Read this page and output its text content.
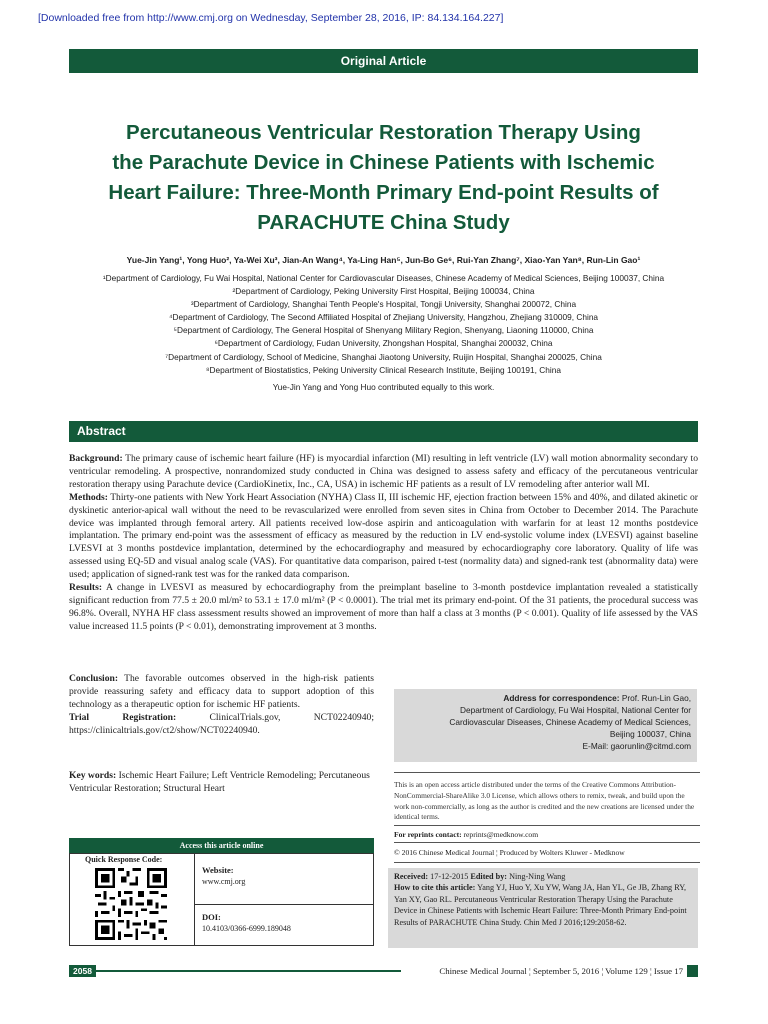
[Downloaded free from http://www.cmj.org on Wednesday, September 28, 2016, IP: 84.134.164.227]
Original Article
Percutaneous Ventricular Restoration Therapy Using
the Parachute Device in Chinese Patients with Ischemic
Heart Failure: Three-Month Primary End-point Results of
PARACHUTE China Study
Yue-Jin Yang¹, Yong Huo², Ya-Wei Xu³, Jian-An Wang⁴, Ya-Ling Han⁵, Jun-Bo Ge⁶, Rui-Yan Zhang⁷, Xiao-Yan Yan⁸, Run-Lin Gao¹
¹Department of Cardiology, Fu Wai Hospital, National Center for Cardiovascular Diseases, Chinese Academy of Medical Sciences, Beijing 100037, China
²Department of Cardiology, Peking University First Hospital, Beijing 100034, China
³Department of Cardiology, Shanghai Tenth People's Hospital, Tongji University, Shanghai 200072, China
⁴Department of Cardiology, The Second Affiliated Hospital of Zhejiang University, Hangzhou, Zhejiang 310009, China
⁵Department of Cardiology, The General Hospital of Shenyang Military Region, Shenyang, Liaoning 110000, China
⁶Department of Cardiology, Fudan University, Zhongshan Hospital, Shanghai 200032, China
⁷Department of Cardiology, School of Medicine, Shanghai Jiaotong University, Ruijin Hospital, Shanghai 200025, China
⁸Department of Biostatistics, Peking University Clinical Research Institute, Beijing 100191, China
Yue-Jin Yang and Yong Huo contributed equally to this work.
Abstract

Background: The primary cause of ischemic heart failure (HF) is myocardial infarction (MI) resulting in left ventricle (LV) wall motion abnormality secondary to ventricular remodeling. A prospective, nonrandomized study conducted in China was designed to assess safety and efficacy of the percutaneous ventricular restoration therapy using Parachute device (CardioKinetix, Inc., CA, USA) in ischemic HF patients as a result of LV remodeling after anterior wall MI.

Methods: Thirty-one patients with New York Heart Association (NYHA) Class II, III ischemic HF, ejection fraction between 15% and 40%, and dilated akinetic or dyskinetic anterior-apical wall without the need to be revascularized were enrolled from seven sites in China from October to December 2014. The Parachute device was implanted through femoral artery. All patients received low-dose aspirin and anticoagulation with warfarin for at least 12 months postdevice implantation. The primary end-point was the assessment of efficacy as measured by the reduction in LV end-systolic volume index (LVESVI) against baseline LVESVI at 3 months postdevice implantation, determined by the echocardiography and measured by echocardiography core laboratory. Quality of life was assessed using EQ-5D and visual analog scale (VAS). For quantitative data comparison, paired t-test (normality data) and signed-rank test (abnormality data) were used; application of signed-rank test was for the ranked data comparison.

Results: A change in LVESVI as measured by echocardiography from the preimplant baseline to 3-month postdevice implantation revealed a statistically significant reduction from 77.5 ± 20.0 ml/m² to 53.1 ± 17.0 ml/m² (P < 0.0001). The trial met its primary end-point. Of the 31 patients, the procedural success was 96.8%. Overall, NYHA HF class assessment results showed an improvement of more than half a class at 3 months (P < 0.001). Quality of life assessed by the VAS value increased 11.5 points (P < 0.01), demonstrating improvement at 3 months.

Conclusion: The favorable outcomes observed in the high-risk patients provide reassuring safety and efficacy data to support adoption of this technology as a therapeutic option for ischemic HF patients.

Trial Registration: ClinicalTrials.gov, NCT02240940; https://clinicaltrials.gov/ct2/show/NCT02240940.

Address for correspondence: Prof. Run-Lin Gao,
Department of Cardiology, Fu Wai Hospital, National Center for
Cardiovascular Diseases, Chinese Academy of Medical Sciences,
Beijing 100037, China
E-Mail: gaorunlin@citmd.com
Key words: Ischemic Heart Failure; Left Ventricle Remodeling; Percutaneous Ventricular Restoration; Structural Heart	This is an open access article distributed under the terms of the Creative Commons Attribution-NonCommercial-ShareAlike 3.0 License, which allows others to remix, tweak, and build upon the work non-commercially, as long as the author is credited and the new creations are licensed under the identical terms.
For reprints contact: reprints@medknow.com
© 2016 Chinese Medical Journal ¦ Produced by Wolters Kluwer - Medknow
Received: 17-12-2015 Edited by: Ning-Ning Wang
How to cite this article: Yang YJ, Huo Y, Xu YW, Wang JA, Han YL, Ge JB, Zhang RY, Yan XY, Gao RL. Percutaneous Ventricular Restoration Therapy Using the Parachute Device in Chinese Patients with Ischemic Heart Failure: Three-Month Primary End-point Results of PARACHUTE China Study. Chin Med J 2016;129:2058-62.
Access this article online
Quick Response Code:
Website:
www.cmj.org
DOI:
10.4103/0366-6999.189048
2058	Chinese Medical Journal ¦ September 5, 2016 ¦ Volume 129 ¦ Issue 17
